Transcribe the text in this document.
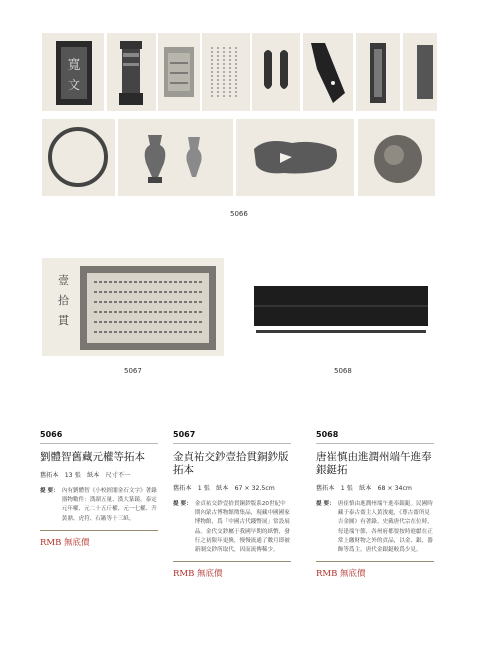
寬
文
5066
壹
拾
貫
5067	5068
5066
劉體智舊藏元權等拓本
舊拓本　13 張　紙本　尺寸不一
提 要： 內有劉體智《小校經閣金石文字》著錄器物數件：漢湖五量、漢大篆鏡、泰定元年權、元二十五斤權、元一七權、升黃鼎、虎符、石鏃等十三紙。
RMB 無底價
5067
金貞祐交鈔壹拾貫銅鈔版拓本
舊拓本　1 張　紙本　67 × 32.5cm
提 要： 金貞祐交鈔壹拾貫銅鈔版系20世紀中期內蒙古博物館徵集品，現藏中國國家博物館，爲「中國古代錢幣展」常設展品。金代交鈔屬于我國早期的紙幣，發行之初限年更換，慢慢流通了數月即被新制交鈔所取代，因而流傳稀少。
RMB 無底價
5068
唐崔慎由進潤州端午進奉銀鋌拓
舊拓本　1 張　紙本　68 × 34cm
提 要： 唐崔慎由進潤州端午進奉銀鋌。民國時藏于泰古齋主人黃浚處，《尊古齋所見吉金圖》有著錄。史載唐代宗在位時，每逢端午節，各州府都要按時進獻在正常上繳財物之外的貢品，以金、銀、器飾等爲主，唐代金銀鋌較爲少見。
RMB 無底價
